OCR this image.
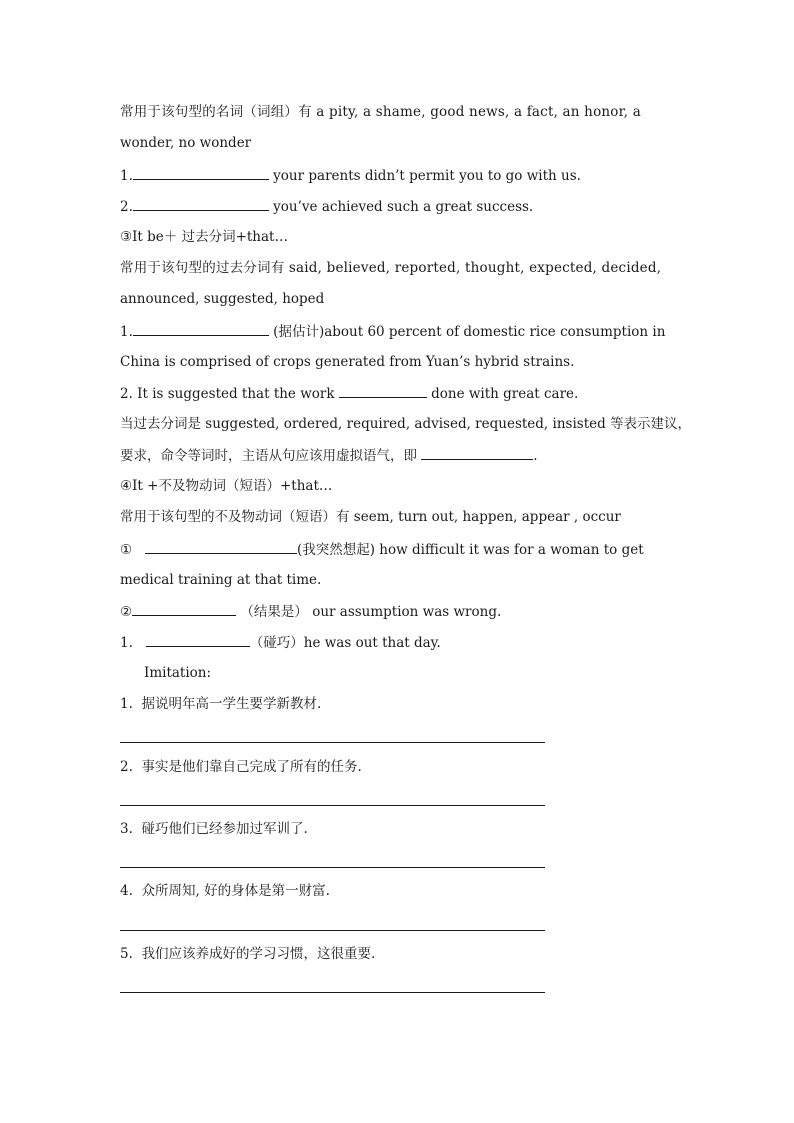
常用于该句型的名词（词组）有 a pity, a shame, good news, a fact, an honor, a
wonder, no wonder
1.	your parents didn’t permit you to go with us.
2.	you’ve achieved such a great success.
③It be＋ 过去分词+that…
常用于该句型的过去分词有 said, believed, reported, thought, expected, decided,
announced, suggested, hoped
1.	(据估计)about 60 percent of domestic rice consumption in
China is comprised of crops generated from Yuan’s hybrid strains.
2. It is suggested that the work	done with great care.
当过去分词是 suggested, ordered, required, advised, requested, insisted 等表示建议，
要求，命令等词时，主语从句应该用虚拟语气，即	.
④It +不及物动词（短语）+that…
常用于该句型的不及物动词（短语）有 seem, turn out, happen, appear , occur
①	(我突然想起) how difficult it was for a woman to get
medical training at that time.
②	（结果是） our assumption was wrong.
1.	（碰巧）he was out that day.
Imitation:
1. 据说明年高一学生要学新教材.
2. 事实是他们靠自己完成了所有的任务.
3. 碰巧他们已经参加过军训了.
4. 众所周知, 好的身体是第一财富.
5. 我们应该养成好的学习习惯，这很重要.
